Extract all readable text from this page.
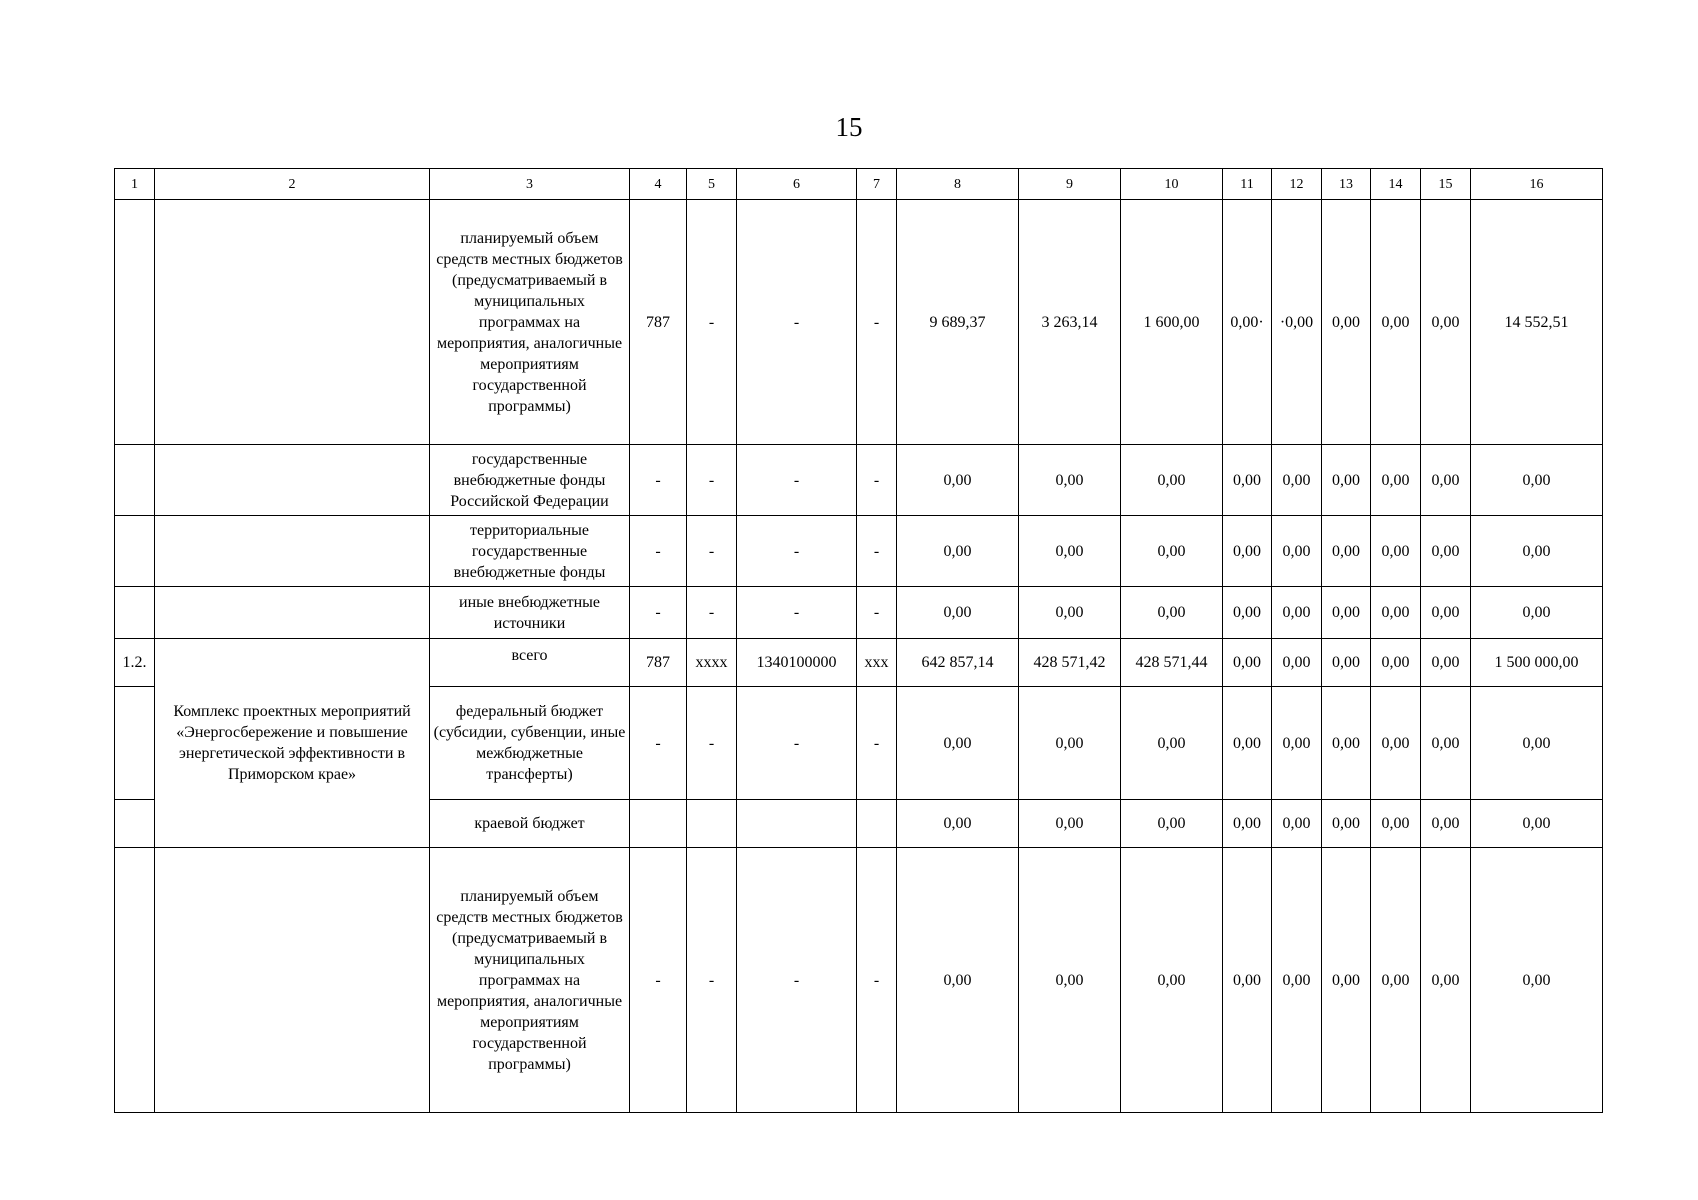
15
1	2	3	4	5	6	7	8	9	10	11	12	13	14	15	16
		планируемый объем средств местных бюджетов (предусматриваемый в муниципальных программах на мероприятия, аналогичные мероприятиям государственной программы)	787	-	-	-	9 689,37	3 263,14	1 600,00	0,00·	·0,00	0,00	0,00	0,00	14 552,51
		государственные внебюджетные фонды Российской Федерации	-	-	-	-	0,00	0,00	0,00	0,00	0,00	0,00	0,00	0,00	0,00
		территориальные государственные внебюджетные фонды	-	-	-	-	0,00	0,00	0,00	0,00	0,00	0,00	0,00	0,00	0,00
		иные внебюджетные источники	-	-	-	-	0,00	0,00	0,00	0,00	0,00	0,00	0,00	0,00	0,00
1.2.	Комплекс проектных мероприятий «Энергосбережение и повышение энергетической эффективности в Приморском крае»	всего	787	хххх	1340100000	ххх	642 857,14	428 571,42	428 571,44	0,00	0,00	0,00	0,00	0,00	1 500 000,00
		федеральный бюджет (субсидии, субвенции, иные межбюджетные трансферты)	-	-	-	-	0,00	0,00	0,00	0,00	0,00	0,00	0,00	0,00	0,00
		краевой бюджет					0,00	0,00	0,00	0,00	0,00	0,00	0,00	0,00	0,00
		планируемый объем средств местных бюджетов (предусматриваемый в муниципальных программах на мероприятия, аналогичные мероприятиям государственной программы)	-	-	-	-	0,00	0,00	0,00	0,00	0,00	0,00	0,00	0,00	0,00
